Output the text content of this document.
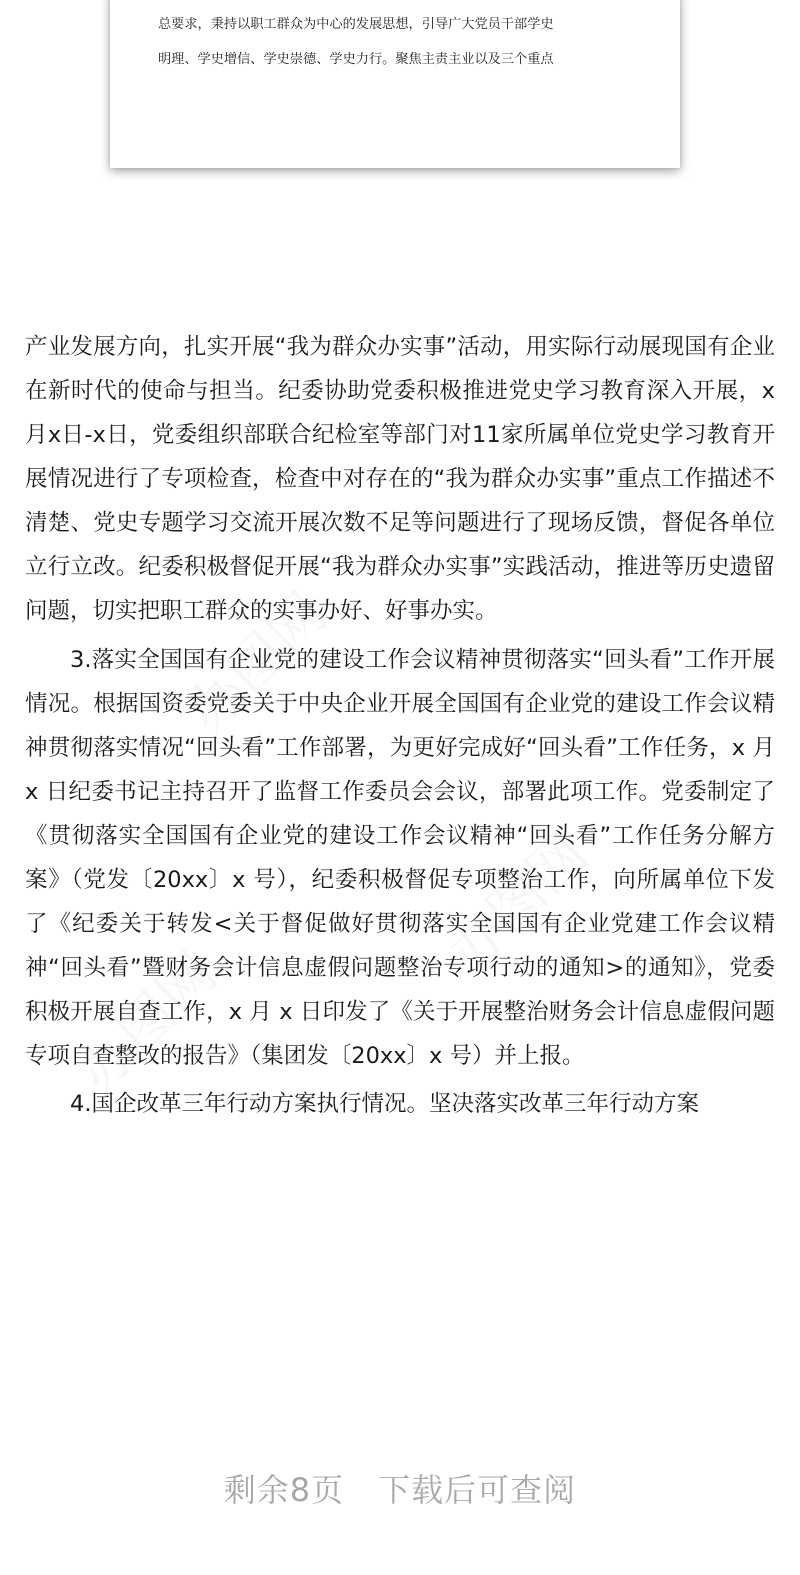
总要求，秉持以职工群众为中心的发展思想，引导广大党员干部学史

明理、学史增信、学史崇德、学史力行。聚焦主责主业以及三个重点

产业发展方向，扎实开展“我为群众办实事”活动，用实际行动展现国有企业在新时代的使命与担当。纪委协助党委积极推进党史学习教育深入开展，x月x日-x日，党委组织部联合纪检室等部门对11家所属单位党史学习教育开展情况进行了专项检查，检查中对存在的“我为群众办实事”重点工作描述不清楚、党史专题学习交流开展次数不足等问题进行了现场反馈，督促各单位立行立改。纪委积极督促开展“我为群众办实事”实践活动，推进等历史遗留问题，切实把职工群众的实事办好、好事办实。

3.落实全国国有企业党的建设工作会议精神贯彻落实“回头看”工作开展情况。根据国资委党委关于中央企业开展全国国有企业党的建设工作会议精神贯彻落实情况“回头看”工作部署，为更好完成好“回头看”工作任务，x 月 x 日纪委书记主持召开了监督工作委员会会议，部署此项工作。党委制定了《贯彻落实全国国有企业党的建设工作会议精神“回头看”工作任务分解方案》（党发〔20xx〕x 号），纪委积极督促专项整治工作，向所属单位下发了《纪委关于转发<关于督促做好贯彻落实全国国有企业党建工作会议精神“回头看”暨财务会计信息虚假问题整治专项行动的通知>的通知》，党委积极开展自查工作，x 月 x 日印发了《关于开展整治财务会计信息虚假问题专项自查整改的报告》（集团发〔20xx〕x 号）并上报。

4.国企改革三年行动方案执行情况。坚决落实改革三年行动方案

剩余8页 下载后可查阅
